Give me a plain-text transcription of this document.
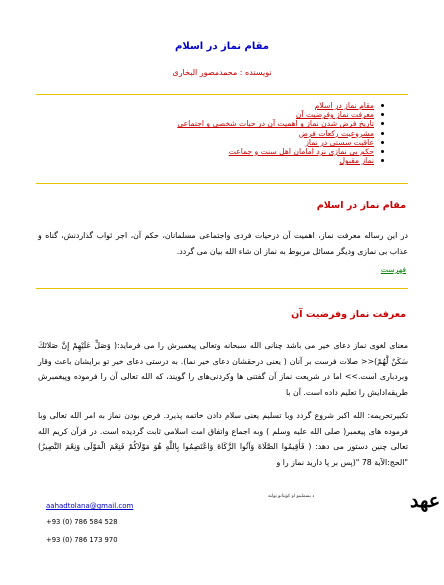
مقام نماز در اسلام
نویسنده : محمدمصور البخاری
مقام نماز در اسلام
معرفت نماز وفرضیت آن
تاریخ فرض شدن نماز و اهمیت آن در حیات شخصی و اجتماعی
مشروعیت رکعات فرض
عاقبت سستی در نماز
حکم بی نمازی نزد امامان اهل سنت و جماعت
نماز مقبول
مقام نماز در اسلام
در این رساله معرفت نماز، اهمیت آن درحیات فردی واجتماعی مسلمانان، حکم آن، اجر ثواب گذاردنش، گناه و عذاب بی نمازی ودیگر مسائل مربوط به نماز ان شاء الله بیان می گردد.
فهرست
معرفت نماز وفرضیت آن
معنای لغوی نماز دعای خیر می باشد چنانی الله سبحانه وتعالی پیغمبرش را می فرماید:( وَصَلِّ عَلَيْهِمْ إِنَّ صَلاتَكَ سَكَنٌ لَّهُمْ)<< صلات فرست بر آنان ( یعنی درحقشان دعای خیر نما). به درستی دعای خیر تو برایشان باعث وقار وبردباری است.>> اما در شریعت نماز آن گفتنی ها وکردنی‌های را گویند، که الله تعالی آن را فرموده وپیغمبرش طریقه‌ادایش را تعلیم داده است. آن با
تکبیرتحریمه: الله اکبر شروع گردد وبا تسلیم یعنی سلام دادن خاتمه پذیرد. فرض بودن نماز به امر الله تعالی وبا فرموده های پیغمبر( صلی الله علیه وسلم ) وبه اجماع واتفاق امت اسلامی ثابت گردیده است. در قرآن کریم الله تعالی چنین دستور می دهد: ( فَأَقِيمُوا الصَّلَاةَ وَآتُوا الزَّكَاةَ وَاعْتَصِمُوا بِاللَّهِ هُوَ مَوْلَاكُمْ فَنِعْمَ الْمَوْلَى وَنِعْمَ النَّصِيرُ) "الحج:الآیة 78 "(پس بر پا دارید نماز را و
aahadtolana@gmail.com
+93 (0) 786 584 528
+93 (0) 786 173 970
د بسملینو او کوټنانو ټولنه	عهد
